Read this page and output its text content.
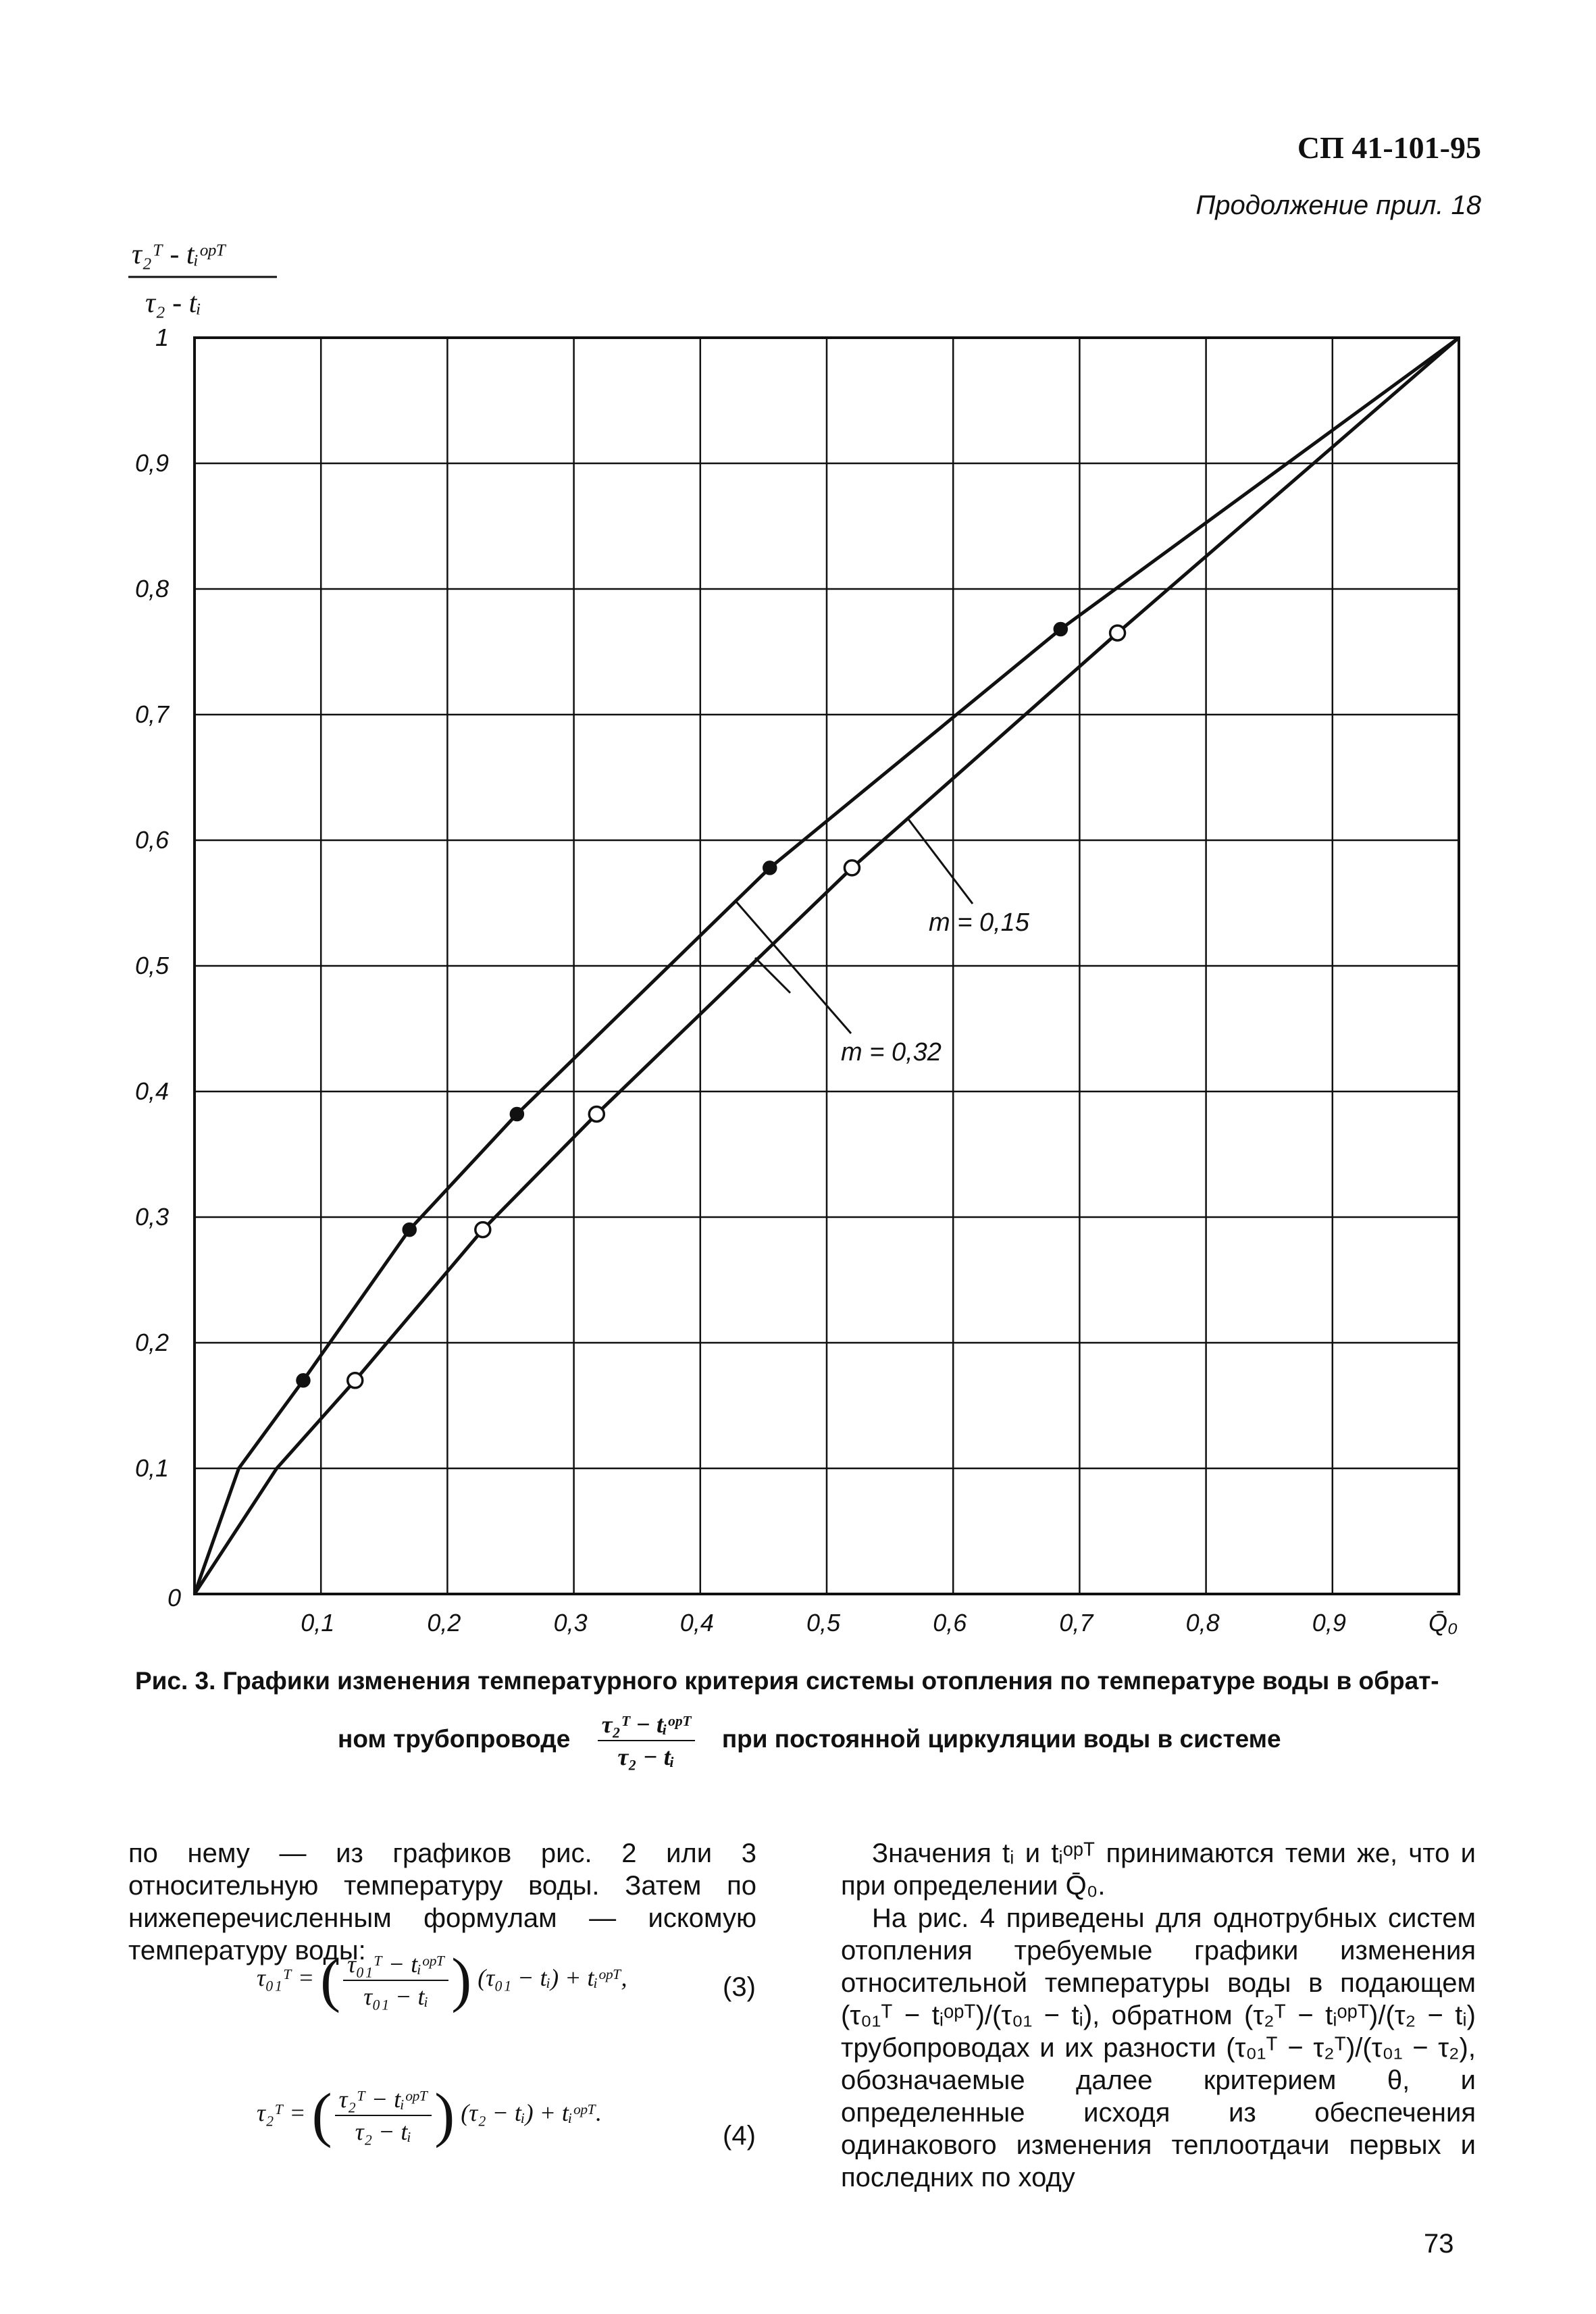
СП 41-101-95
Продолжение прил. 18
0,1
0,2
0,3
0,4
0,5
0,6
0,7
0,8
0,9
1
0,1	0,2	0,3	0,4	0,5	0,6	0,7	0,8	0,9
m = 0,15
m = 0,32
τ₂ᵀ - tᵢᵒᵖᵀ
τ₂ - tᵢ
0
Q̄₀
Рис. 3. Графики изменения температурного критерия системы отопления по температуре воды в обрат-
ном трубопроводе $\frac{\text{τ₂ᵀ − tᵢᵒᵖᵀ}}{\text{τ₂ − tᵢ}}$ при постоянной циркуляции воды в системе

по нему — из графиков рис. 2 или 3 относительную температуру воды. Затем по нижеперечисленным формулам — искомую температуру воды:

τ₀₁ᵀ = ( $\frac{\text{τ₀₁ᵀ − tᵢᵒᵖᵀ}}{\text{τ₀₁ − tᵢ}}$ ) (τ₀₁ − tᵢ) + tᵢᵒᵖᵀ,	(3)
τ₂ᵀ = ( $\frac{\text{τ₂ᵀ − tᵢᵒᵖᵀ}}{\text{τ₂ − tᵢ}}$ ) (τ₂ − tᵢ) + tᵢᵒᵖᵀ.
(4)

Значения tᵢ и tᵢᵒᵖᵀ принимаются теми же, что и при определении Q̄₀.

На рис. 4 приведены для однотрубных систем отопления требуемые графики изменения относительной температуры воды в подающем (τ₀₁ᵀ − tᵢᵒᵖᵀ)/(τ₀₁ − tᵢ), обратном (τ₂ᵀ − tᵢᵒᵖᵀ)/(τ₂ − tᵢ) трубопроводах и их разности (τ₀₁ᵀ − τ₂ᵀ)/(τ₀₁ − τ₂), обозначаемые далее критерием θ, и определенные исходя из обеспечения одинакового изменения теплоотдачи первых и последних по ходу

73
